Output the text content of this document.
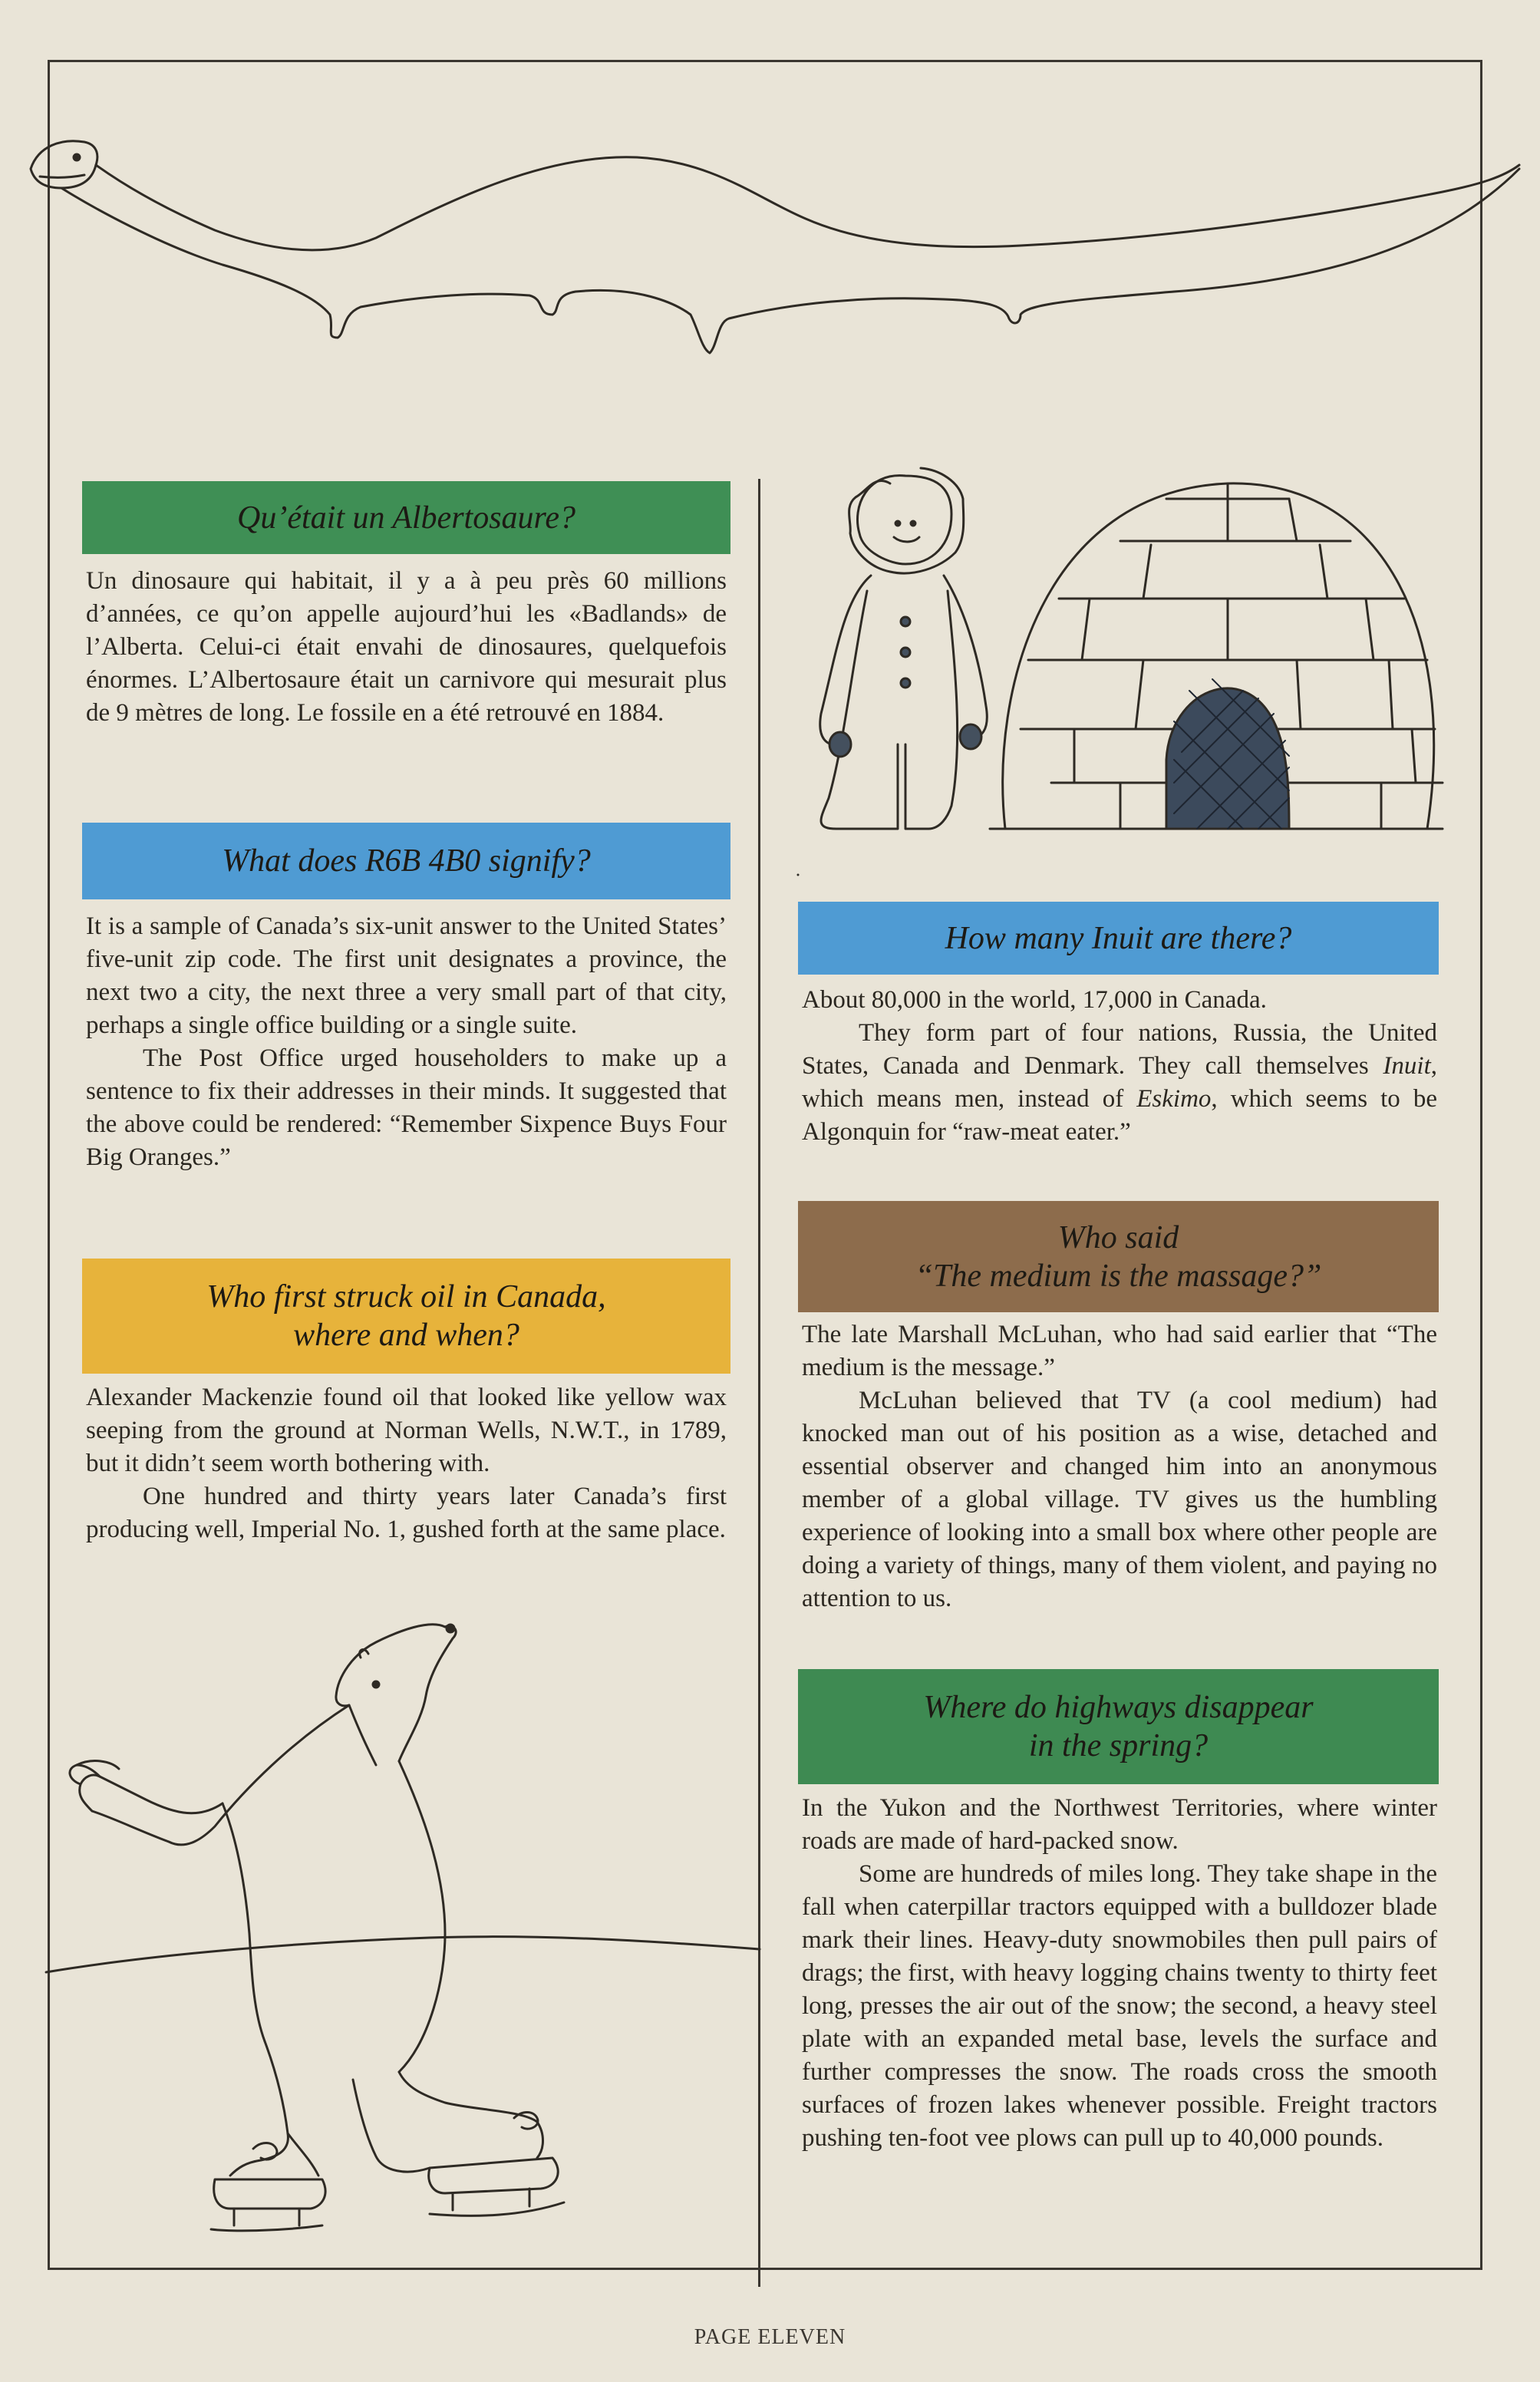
Qu’était un Albertosaure?

Un dinosaure qui habitait, il y a à peu près 60 millions d’années, ce qu’on appelle aujourd’hui les «Badlands» de l’Alberta. Celui-ci était envahi de dinosaures, quelquefois énormes. L’Albertosaure était un carnivore qui mesurait plus de 9 mètres de long. Le fossile en a été retrouvé en 1884.

What does R6B 4B0 signify?

It is a sample of Canada’s six-unit answer to the United States’ five-unit zip code. The first unit designates a province, the next two a city, the next three a very small part of that city, perhaps a single office building or a single suite.

The Post Office urged householders to make up a sentence to fix their addresses in their minds. It suggested that the above could be rendered: “Remember Sixpence Buys Four Big Oranges.”

Who first struck oil in Canada,
where and when?

Alexander Mackenzie found oil that looked like yellow wax seeping from the ground at Norman Wells, N.W.T., in 1789, but it didn’t seem worth bothering with.

One hundred and thirty years later Canada’s first producing well, Imperial No. 1, gushed forth at the same place.

How many Inuit are there?

About 80,000 in the world, 17,000 in Canada.

They form part of four nations, Russia, the United States, Canada and Denmark. They call themselves Inuit, which means men, instead of Eskimo, which seems to be Algonquin for “raw-meat eater.”

Who said
“The medium is the massage?”

The late Marshall McLuhan, who had said earlier that “The medium is the message.”

McLuhan believed that TV (a cool medium) had knocked man out of his position as a wise, detached and essential observer and changed him into an anonymous member of a global village. TV gives us the humbling experience of looking into a small box where other people are doing a variety of things, many of them violent, and paying no attention to us.

Where do highways disappear
in the spring?

In the Yukon and the Northwest Territories, where winter roads are made of hard-packed snow.

Some are hundreds of miles long. They take shape in the fall when caterpillar tractors equipped with a bulldozer blade mark their lines. Heavy-duty snowmobiles then pull pairs of drags; the first, with heavy logging chains twenty to thirty feet long, presses the air out of the snow; the second, a heavy steel plate with an expanded metal base, levels the surface and further compresses the snow. The roads cross the smooth surfaces of frozen lakes whenever possible. Freight tractors pushing ten-foot vee plows can pull up to 40,000 pounds.

PAGE ELEVEN
